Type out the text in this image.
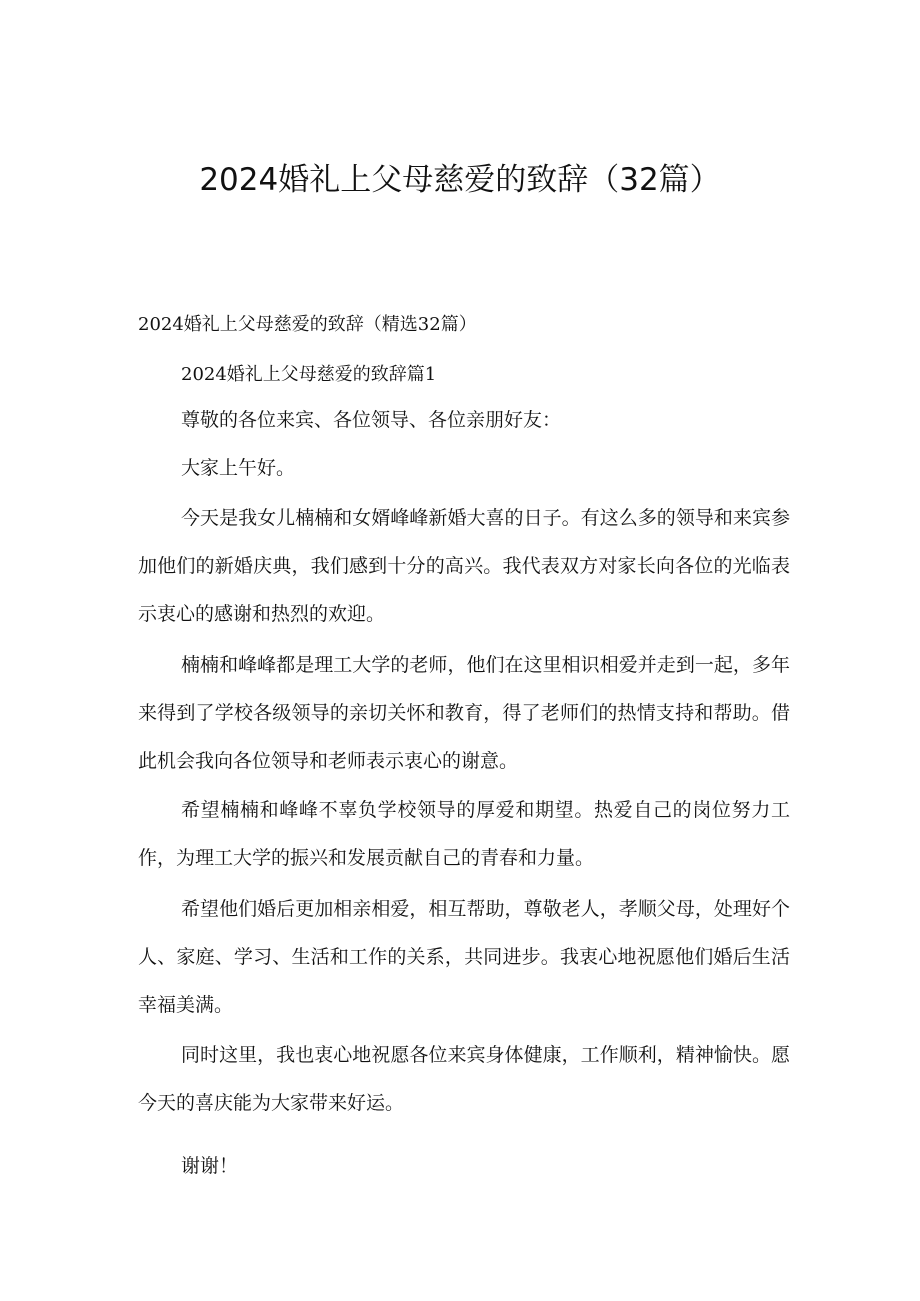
2024婚礼上父母慈爱的致辞（32篇）
2024婚礼上父母慈爱的致辞（精选32篇）
2024婚礼上父母慈爱的致辞篇1
尊敬的各位来宾、各位领导、各位亲朋好友：
大家上午好。
今天是我女儿楠楠和女婿峰峰新婚大喜的日子。有这么多的领导和来宾参加他们的新婚庆典，我们感到十分的高兴。我代表双方对家长向各位的光临表示衷心的感谢和热烈的欢迎。
楠楠和峰峰都是理工大学的老师，他们在这里相识相爱并走到一起，多年来得到了学校各级领导的亲切关怀和教育，得了老师们的热情支持和帮助。借此机会我向各位领导和老师表示衷心的谢意。
希望楠楠和峰峰不辜负学校领导的厚爱和期望。热爱自己的岗位努力工作，为理工大学的振兴和发展贡献自己的青春和力量。
希望他们婚后更加相亲相爱，相互帮助，尊敬老人，孝顺父母，处理好个人、家庭、学习、生活和工作的关系，共同进步。我衷心地祝愿他们婚后生活幸福美满。
同时这里，我也衷心地祝愿各位来宾身体健康，工作顺利，精神愉快。愿今天的喜庆能为大家带来好运。
谢谢！
